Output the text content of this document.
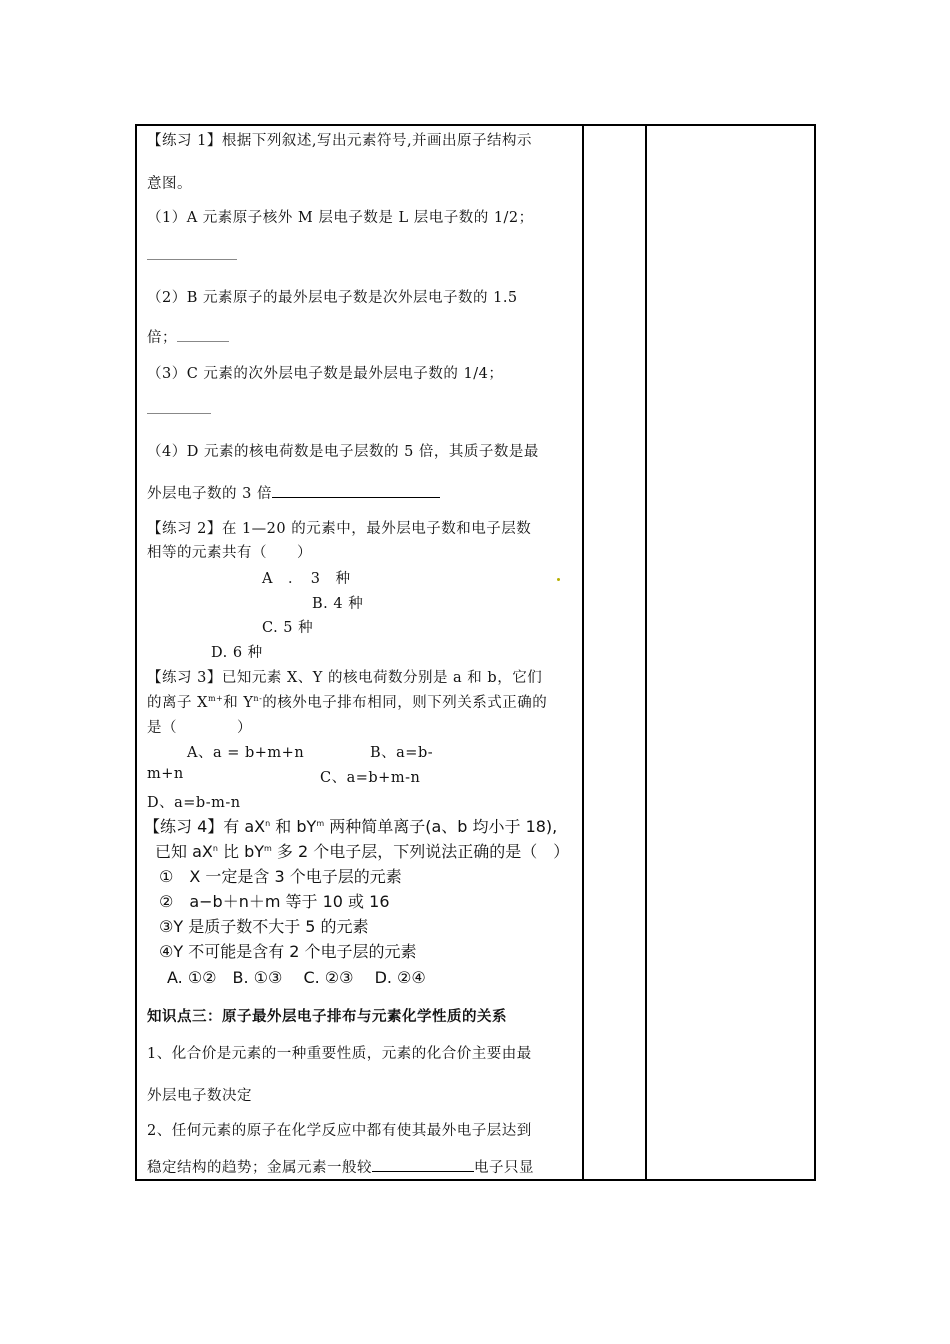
【练习 1】根据下列叙述,写出元素符号,并画出原子结构示
意图。
（1）A 元素原子核外 M 层电子数是 L 层电子数的 1/2；
（2）B 元素原子的最外层电子数是次外层电子数的 1.5
倍；
（3）C 元素的次外层电子数是最外层电子数的 1/4；
（4）D 元素的核电荷数是电子层数的 5 倍，其质子数是最
外层电子数的 3 倍
【练习 2】在 1—20 的元素中，最外层电子数和电子层数
相等的元素共有（　　）
A　．　3　种
B. 4 种
C. 5 种
D. 6 种
【练习 3】已知元素 X、Y 的核电荷数分别是 a 和 b，它们
的离子 $X^{m+}$和 $Y^{n-}$的核外电子排布相同，则下列关系式正确的
是（　　　　）
A、a = b+m+n	B、a=b-
m+n	C、a=b+m-n
D、a=b-m-n
【练习 4】有 $aX^n$ 和 $bY^m$ 两种简单离子(a、b 均小于 18),
已知 $aX^n$ 比 $bY^m$ 多 2 个电子层，下列说法正确的是（　）
①　X 一定是含 3 个电子层的元素
②　a−b＋n＋m 等于 10 或 16
③Y 是质子数不大于 5 的元素
④Y 不可能是含有 2 个电子层的元素
A. ①②　B. ①③　 C. ②③　 D. ②④
知识点三：原子最外层电子排布与元素化学性质的关系
1、化合价是元素的一种重要性质，元素的化合价主要由最
外层电子数决定
2、任何元素的原子在化学反应中都有使其最外电子层达到
稳定结构的趋势；金属元素一般较	电子只显
